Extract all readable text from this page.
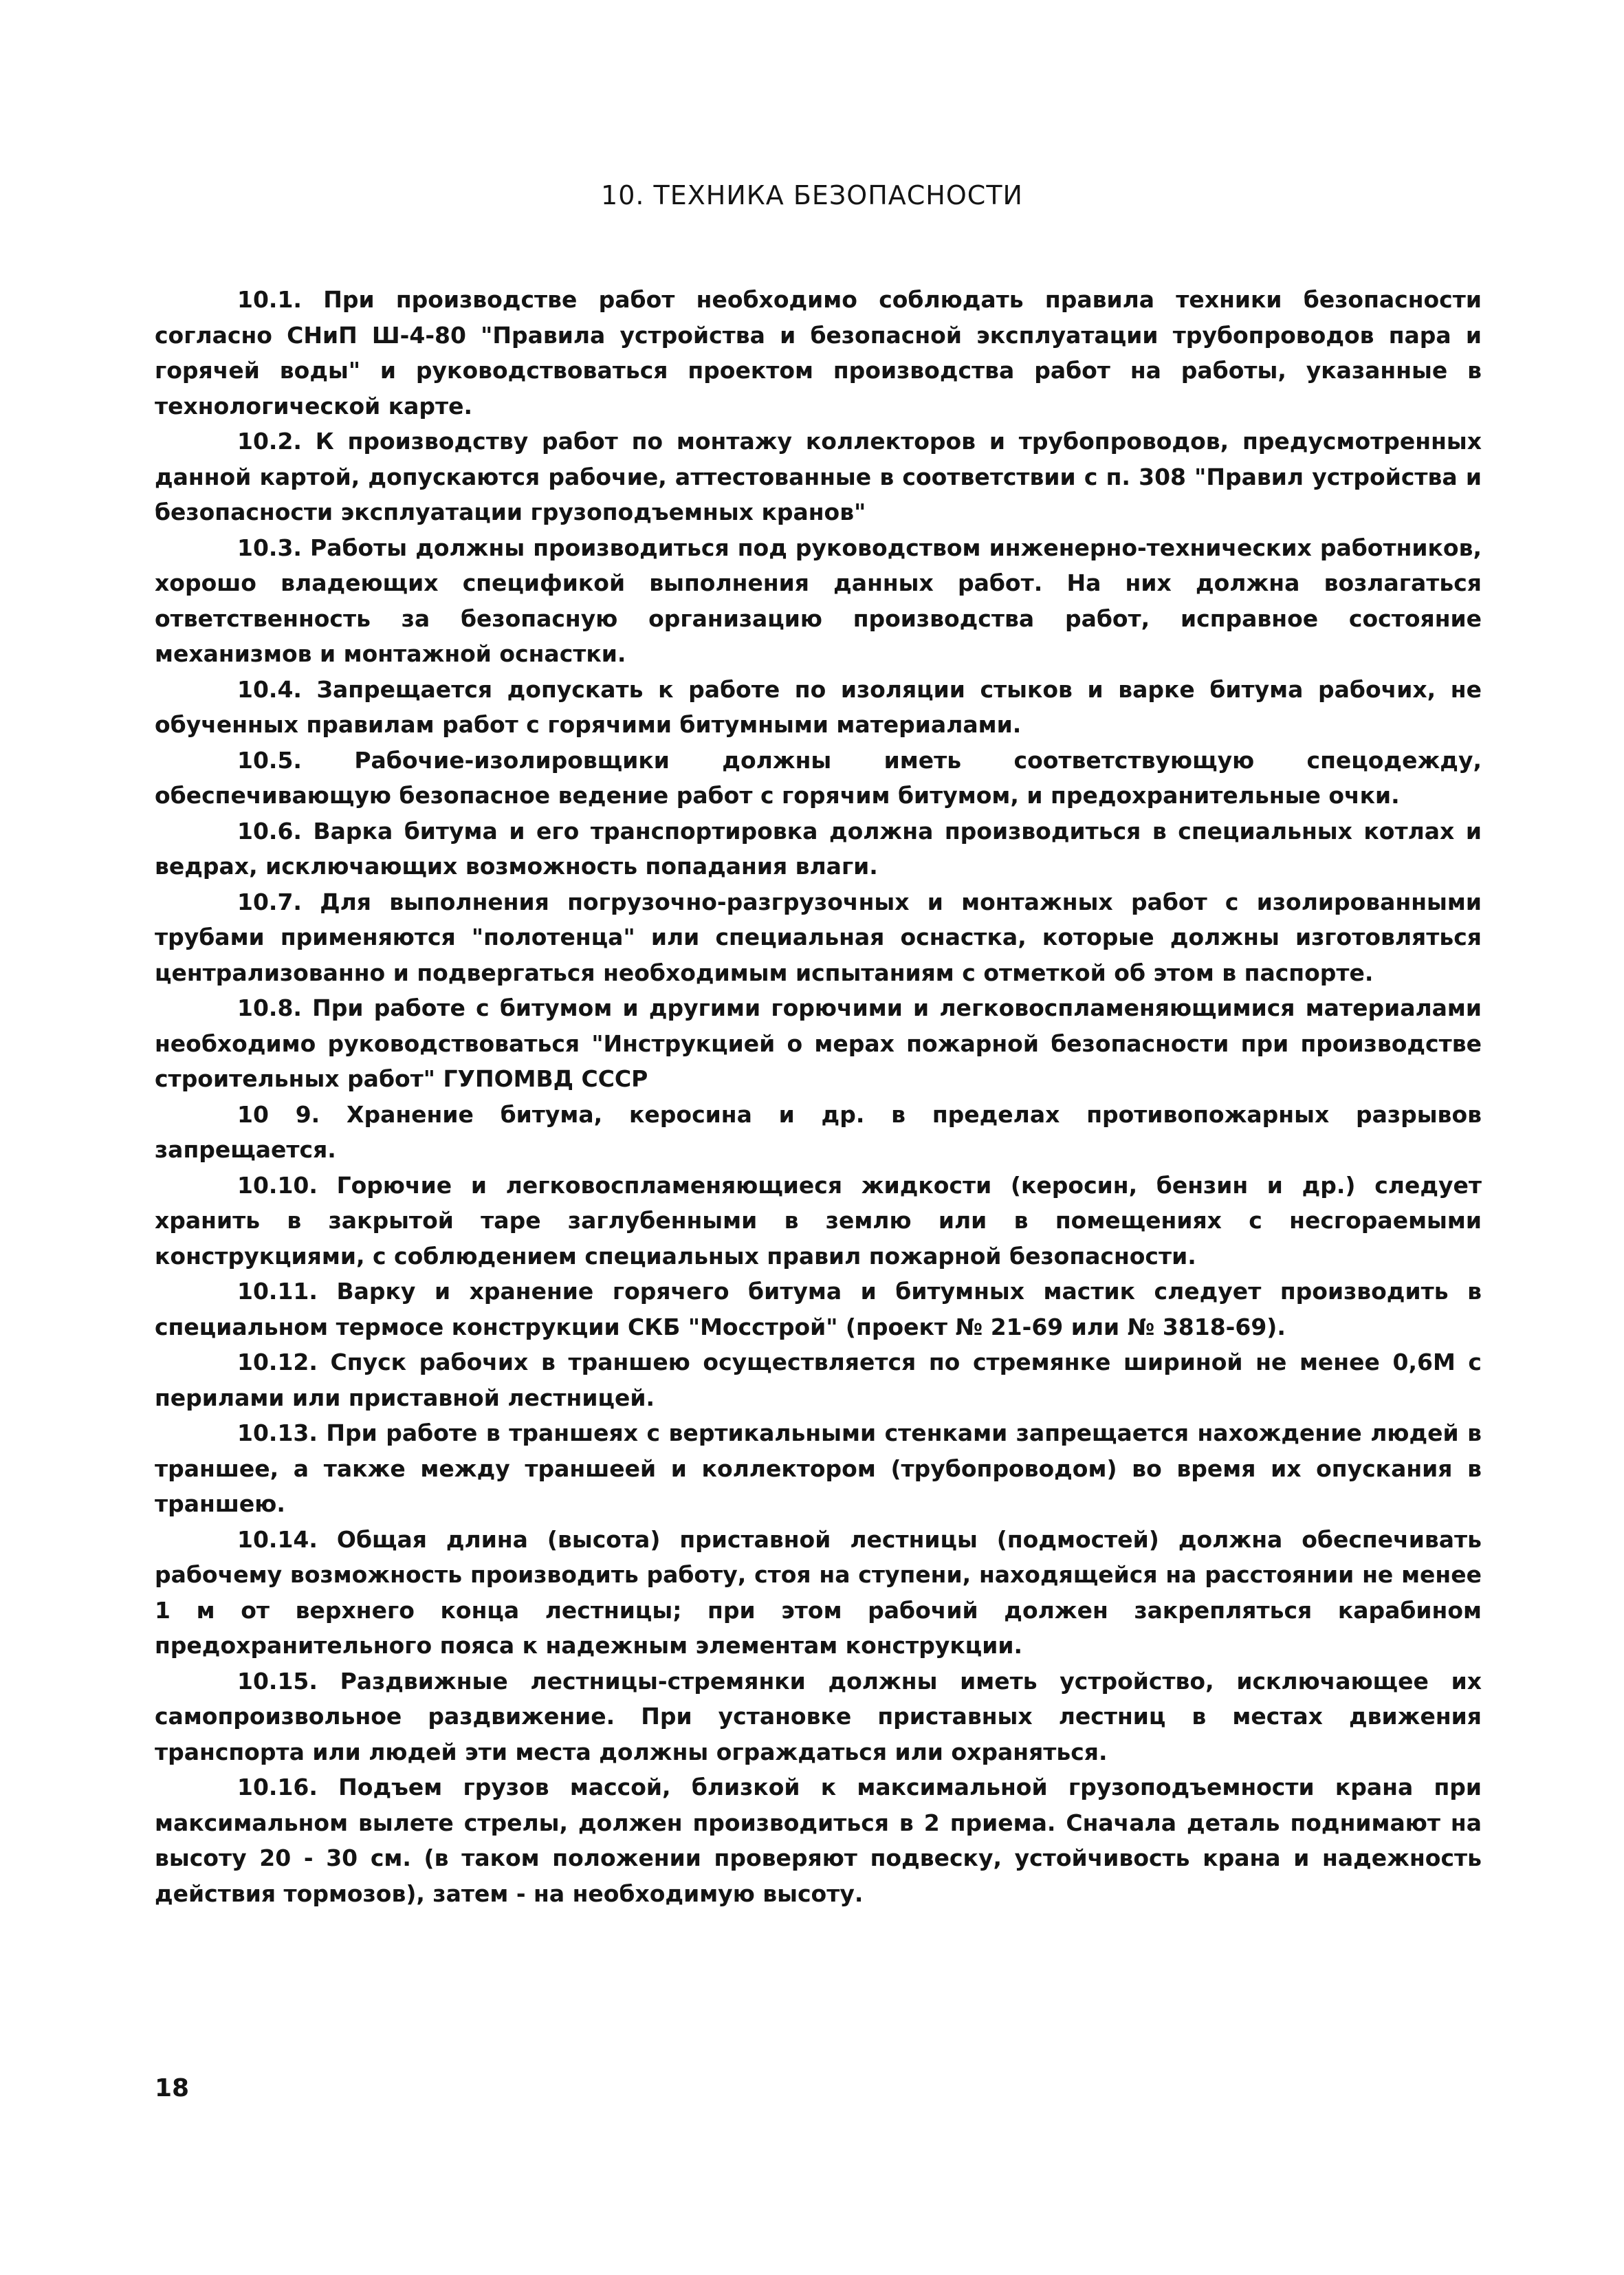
10. ТЕХНИКА БЕЗОПАСНОСТИ

10.1. При производстве работ необходимо соблюдать правила техники безопасности согласно СНиП Ш-4-80 "Правила устройства и безопасной эксплуатации трубопроводов пара и горячей воды" и руководствоваться проектом производства работ на работы, указанные в технологической карте.

10.2. К производству работ по монтажу коллекторов и трубопроводов, предусмотренных данной картой, допускаются рабочие, аттестованные в соответствии с п. 308 "Правил устройства и безопасности эксплуатации грузоподъемных кранов"

10.3. Работы должны производиться под руководством инженерно-технических работников, хорошо владеющих спецификой выполнения данных работ. На них должна возлагаться ответственность за безопасную организацию производства работ, исправное состояние механизмов и монтажной оснастки.

10.4. Запрещается допускать к работе по изоляции стыков и варке битума рабочих, не обученных правилам работ с горячими битумными материалами.

10.5. Рабочие-изолировщики должны иметь соответствующую спецодежду, обеспечивающую безопасное ведение работ с горячим битумом, и предохранительные очки.

10.6. Варка битума и его транспортировка должна производиться в специальных котлах и ведрах, исключающих возможность попадания влаги.

10.7. Для выполнения погрузочно-разгрузочных и монтажных работ с изолированными трубами применяются "полотенца" или специальная оснастка, которые должны изготовляться централизованно и подвергаться необходимым испытаниям с отметкой об этом в паспорте.

10.8. При работе с битумом и другими горючими и легковоспламеняющимися материалами необходимо руководствоваться "Инструкцией о мерах пожарной безопасности при производстве строительных работ" ГУПОМВД СССР

10 9. Хранение битума, керосина и др. в пределах противопожарных разрывов запрещается.

10.10. Горючие и легковоспламеняющиеся жидкости (керосин, бензин и др.) следует хранить в закрытой таре заглубенными в землю или в помещениях с несгораемыми конструкциями, с соблюдением специальных правил пожарной безопасности.

10.11. Варку и хранение горячего битума и битумных мастик следует производить в специальном термосе конструкции СКБ "Мосстрой" (проект № 21-69 или № 3818-69).

10.12. Спуск рабочих в траншею осуществляется по стремянке шириной не менее 0,6М с перилами или приставной лестницей.

10.13. При работе в траншеях с вертикальными стенками запрещается нахождение людей в траншее, а также между траншеей и коллектором (трубопроводом) во время их опускания в траншею.

10.14. Общая длина (высота) приставной лестницы (подмостей) должна обеспечивать рабочему возможность производить работу, стоя на ступени, находящейся на расстоянии не менее 1 м от верхнего конца лестницы; при этом рабочий должен закрепляться карабином предохранительного пояса к надежным элементам конструкции.

10.15. Раздвижные лестницы-стремянки должны иметь устройство, исключающее их самопроизвольное раздвижение. При установке приставных лестниц в местах движения транспорта или людей эти места должны ограждаться или охраняться.

10.16. Подъем грузов массой, близкой к максимальной грузоподъемности крана при максимальном вылете стрелы, должен производиться в 2 приема. Сначала деталь поднимают на высоту 20 - 30 см. (в таком положении проверяют подвеску, устойчивость крана и надежность действия тормозов), затем - на необходимую высоту.

18
